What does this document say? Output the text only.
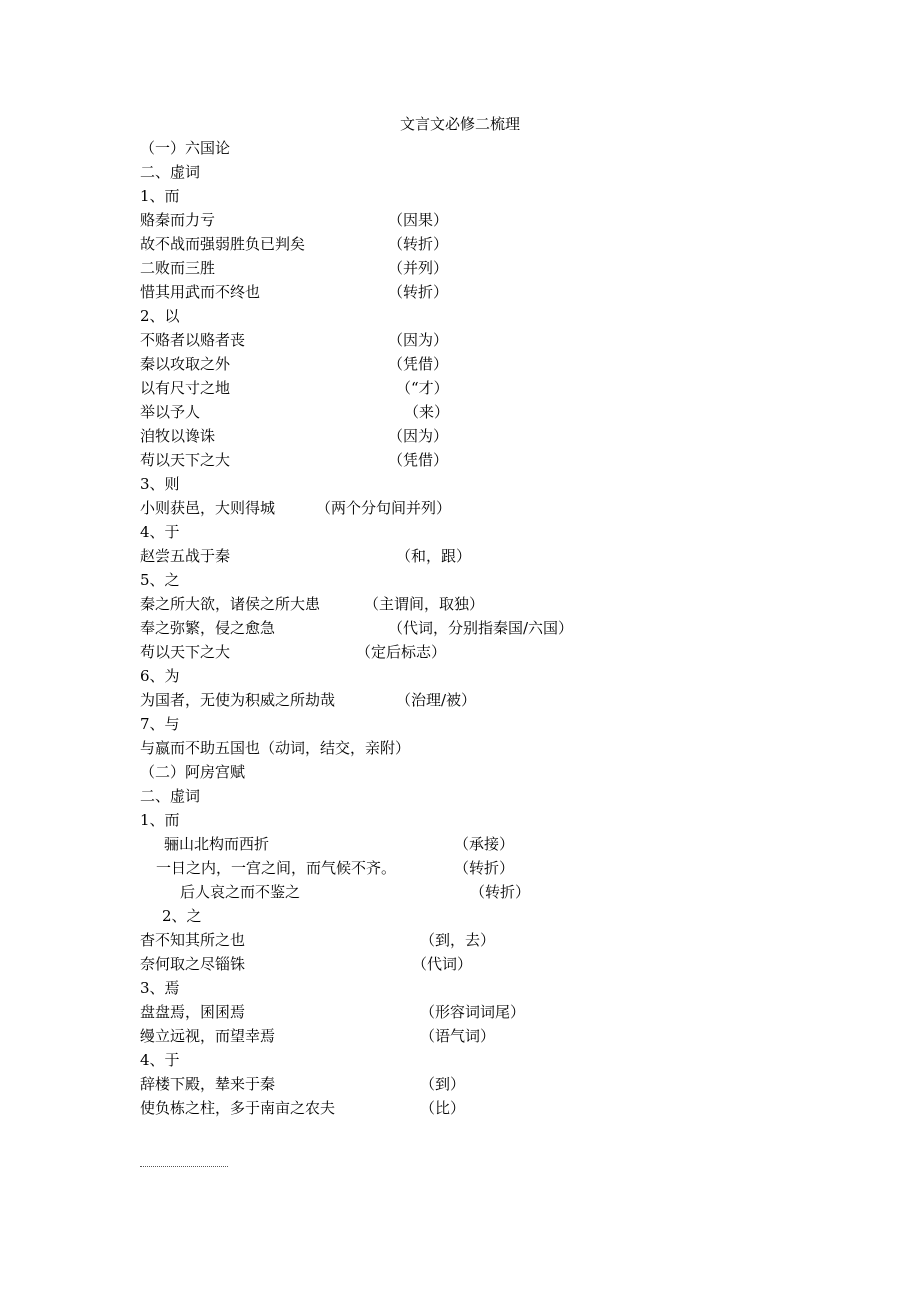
文言文必修二梳理
（一）六国论
二、虚词
1、而
赂秦而力亏	（因果）
故不战而强弱胜负已判矣	（转折）
二败而三胜	（并列）
惜其用武而不终也	（转折）
2、以
不赂者以赂者丧	（因为）
秦以攻取之外	（凭借）
以有尺寸之地	（“才）
举以予人	（来）
洎牧以谗诛	（因为）
苟以天下之大	（凭借）
3、则
小则获邑，大则得城	（两个分句间并列）
4、于
赵尝五战于秦	（和，跟）
5、之
秦之所大欲，诸侯之所大患	（主谓间，取独）
奉之弥繁，侵之愈急	（代词，分别指秦国/六国）
苟以天下之大	（定后标志）
6、为
为国者，无使为积威之所劫哉	（治理/被）
7、与
与嬴而不助五国也（动词，结交，亲附）
（二）阿房宫赋
二、虚词
1、而
骊山北构而西折	（承接）
一日之内，一宫之间，而气候不齐。	（转折）
后人哀之而不鉴之	（转折）
2、之
杳不知其所之也	（到，去）
奈何取之尽锱铢	（代词）
3、焉
盘盘焉，囷囷焉	（形容词词尾）
缦立远视，而望幸焉	（语气词）
4、于
辞楼下殿，辇来于秦	（到）
使负栋之柱，多于南亩之农夫	（比）
